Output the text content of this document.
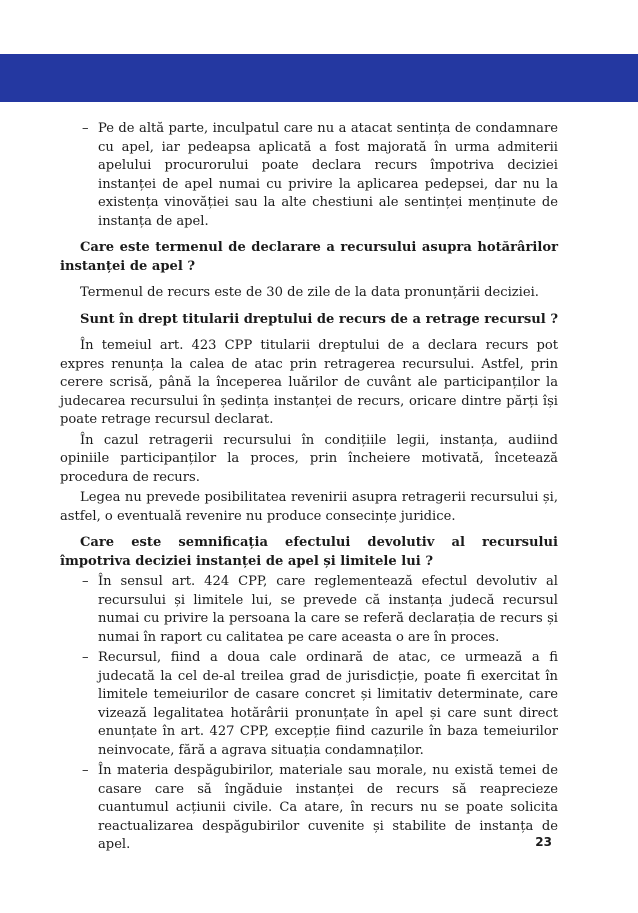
– Pe de altă parte, inculpatul care nu a atacat sentința de condamnare cu apel, iar pedeapsa aplicată a fost majorată în urma admiterii apelului procurorului poate declara recurs împotriva deciziei instanței de apel numai cu privire la aplicarea pedepsei, dar nu la existența vinovăției sau la alte chestiuni ale sentinței menținute de instanța de apel.
Care este termenul de declarare a recursului asupra hotărârilor instanței de apel ?
Termenul de recurs este de 30 de zile de la data pronunțării deciziei.
Sunt în drept titularii dreptului de recurs de a retrage recursul ?
În temeiul art. 423 CPP titularii dreptului de a declara recurs pot expres renunța la calea de atac prin retragerea recursului. Astfel, prin cerere scrisă, până la începerea luărilor de cuvânt ale participanților la judecarea recursului în ședința instanței de recurs, oricare dintre părți își poate retrage recursul declarat.
În cazul retragerii recursului în condițiile legii, instanța, audiind opiniile participanților la proces, prin încheiere motivată, încetează procedura de recurs.
Legea nu prevede posibilitatea revenirii asupra retragerii recursului și, astfel, o eventuală revenire nu produce consecințe juridice.
Care este semnificația efectului devolutiv al recursului împotriva deciziei instanței de apel și limitele lui ?
– În sensul art. 424 CPP, care reglementează efectul devolutiv al recursului și limitele lui, se prevede că instanța judecă recursul numai cu privire la persoana la care se referă declarația de recurs și numai în raport cu calitatea pe care aceasta o are în proces.
– Recursul, fiind a doua cale ordinară de atac, ce urmează a fi judecată la cel de-al treilea grad de jurisdicție, poate fi exercitat în limitele temeiurilor de casare concret și limitativ determinate, care vizează legalitatea hotărârii pronunțate în apel și care sunt direct enunțate în art. 427 CPP, excepție fiind cazurile în baza temeiurilor neinvocate, fără a agrava situația condamnaților.
– În materia despăgubirilor, materiale sau morale, nu există temei de casare care să îngăduie instanței de recurs să reaprecieze cuantumul acțiunii civile. Ca atare, în recurs nu se poate solicita reactualizarea despăgubirilor cuvenite și stabilite de instanța de apel.	23
